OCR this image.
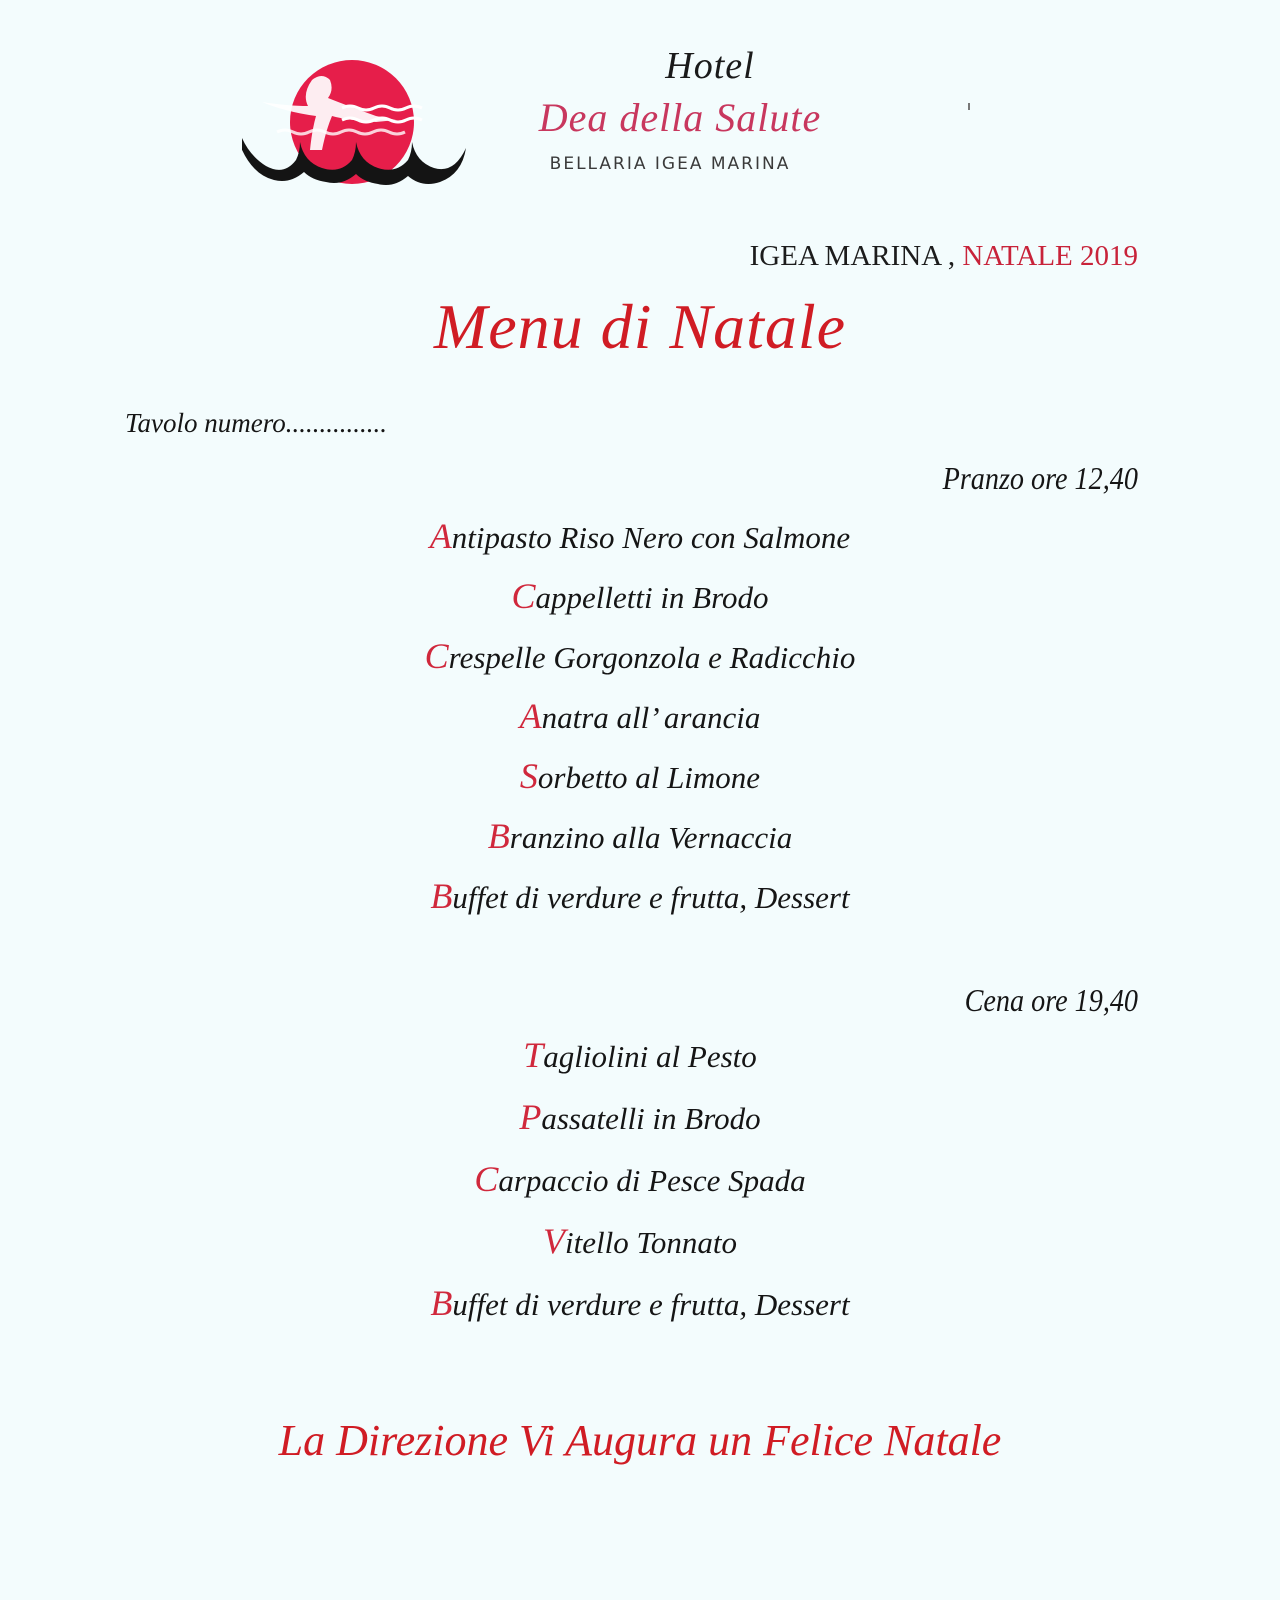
Hotel
Dea della Salute
BELLARIA IGEA MARINA
IGEA MARINA , NATALE 2019
Menu di Natale
Tavolo numero...............
Pranzo ore 12,40
Antipasto Riso Nero con Salmone
Cappelletti in Brodo
Crespelle Gorgonzola e Radicchio
Anatra all’ arancia
Sorbetto al Limone
Branzino alla Vernaccia
Buffet di verdure e frutta, Dessert
Cena ore 19,40
Tagliolini al Pesto
Passatelli in Brodo
Carpaccio di Pesce Spada
Vitello Tonnato
Buffet di verdure e frutta, Dessert
La Direzione Vi Augura un Felice Natale
